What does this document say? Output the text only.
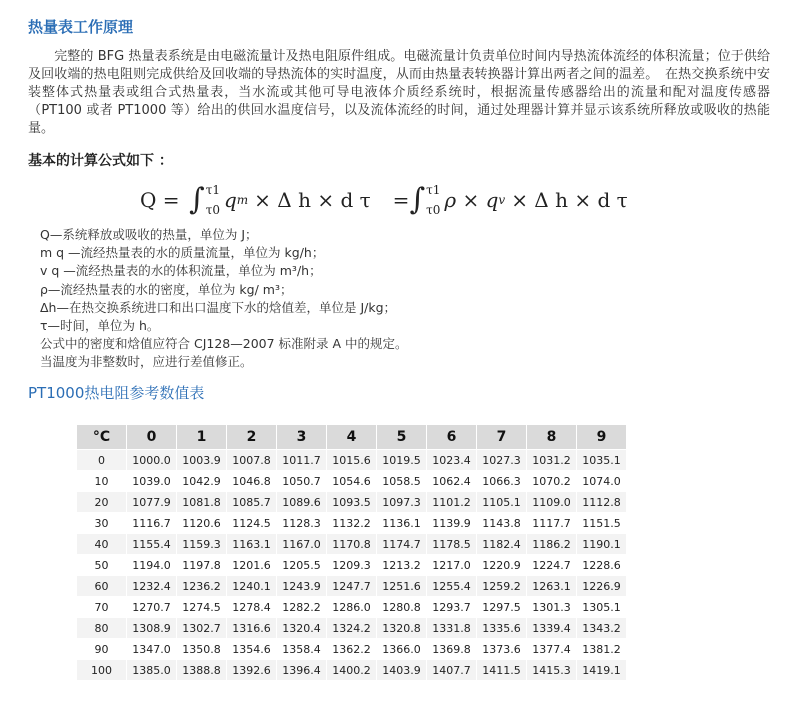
热量表工作原理
　　完整的 BFG 热量表系统是由电磁流量计及热电阻原件组成。电磁流量计负责单位时间内导热流体流经的体积流量；位于供给及回收端的热电阻则完成供给及回收端的导热流体的实时温度，从而由热量表转换器计算出两者之间的温差。　在热交换系统中安装整体式热量表或组合式热量表，当水流或其他可导电液体介质经系统时，根据流量传感器给出的流量和配对温度传感器（PT100 或者 PT1000 等）给出的供回水温度信号，以及流体流经的时间，通过处理器计算并显示该系统所释放或吸收的热能量。
基本的计算公式如下 ：
Q = ∫ τ1
τ0 q m × Δ h × d τ = ∫ τ1
τ0 ρ × q v × Δ h × d τ
Q—系统释放或吸收的热量，单位为 J；
m q —流经热量表的水的质量流量，单位为 kg/h；
v q —流经热量表的水的体积流量，单位为 m³/h；
ρ—流经热量表的水的密度，单位为 kg/ m³；
Δh—在热交换系统进口和出口温度下水的焓值差，单位是 J/kg；
τ—时间，单位为 h。
公式中的密度和焓值应符合 CJ128—2007 标准附录 A 中的规定。
当温度为非整数时，应进行差值修正。
PT1000热电阻参考数值表
°C	0	1	2	3	4	5	6	7	8	9
0	1000.0	1003.9	1007.8	1011.7	1015.6	1019.5	1023.4	1027.3	1031.2	1035.1
10	1039.0	1042.9	1046.8	1050.7	1054.6	1058.5	1062.4	1066.3	1070.2	1074.0
20	1077.9	1081.8	1085.7	1089.6	1093.5	1097.3	1101.2	1105.1	1109.0	1112.8
30	1116.7	1120.6	1124.5	1128.3	1132.2	1136.1	1139.9	1143.8	1117.7	1151.5
40	1155.4	1159.3	1163.1	1167.0	1170.8	1174.7	1178.5	1182.4	1186.2	1190.1
50	1194.0	1197.8	1201.6	1205.5	1209.3	1213.2	1217.0	1220.9	1224.7	1228.6
60	1232.4	1236.2	1240.1	1243.9	1247.7	1251.6	1255.4	1259.2	1263.1	1226.9
70	1270.7	1274.5	1278.4	1282.2	1286.0	1280.8	1293.7	1297.5	1301.3	1305.1
80	1308.9	1302.7	1316.6	1320.4	1324.2	1320.8	1331.8	1335.6	1339.4	1343.2
90	1347.0	1350.8	1354.6	1358.4	1362.2	1366.0	1369.8	1373.6	1377.4	1381.2
100	1385.0	1388.8	1392.6	1396.4	1400.2	1403.9	1407.7	1411.5	1415.3	1419.1
